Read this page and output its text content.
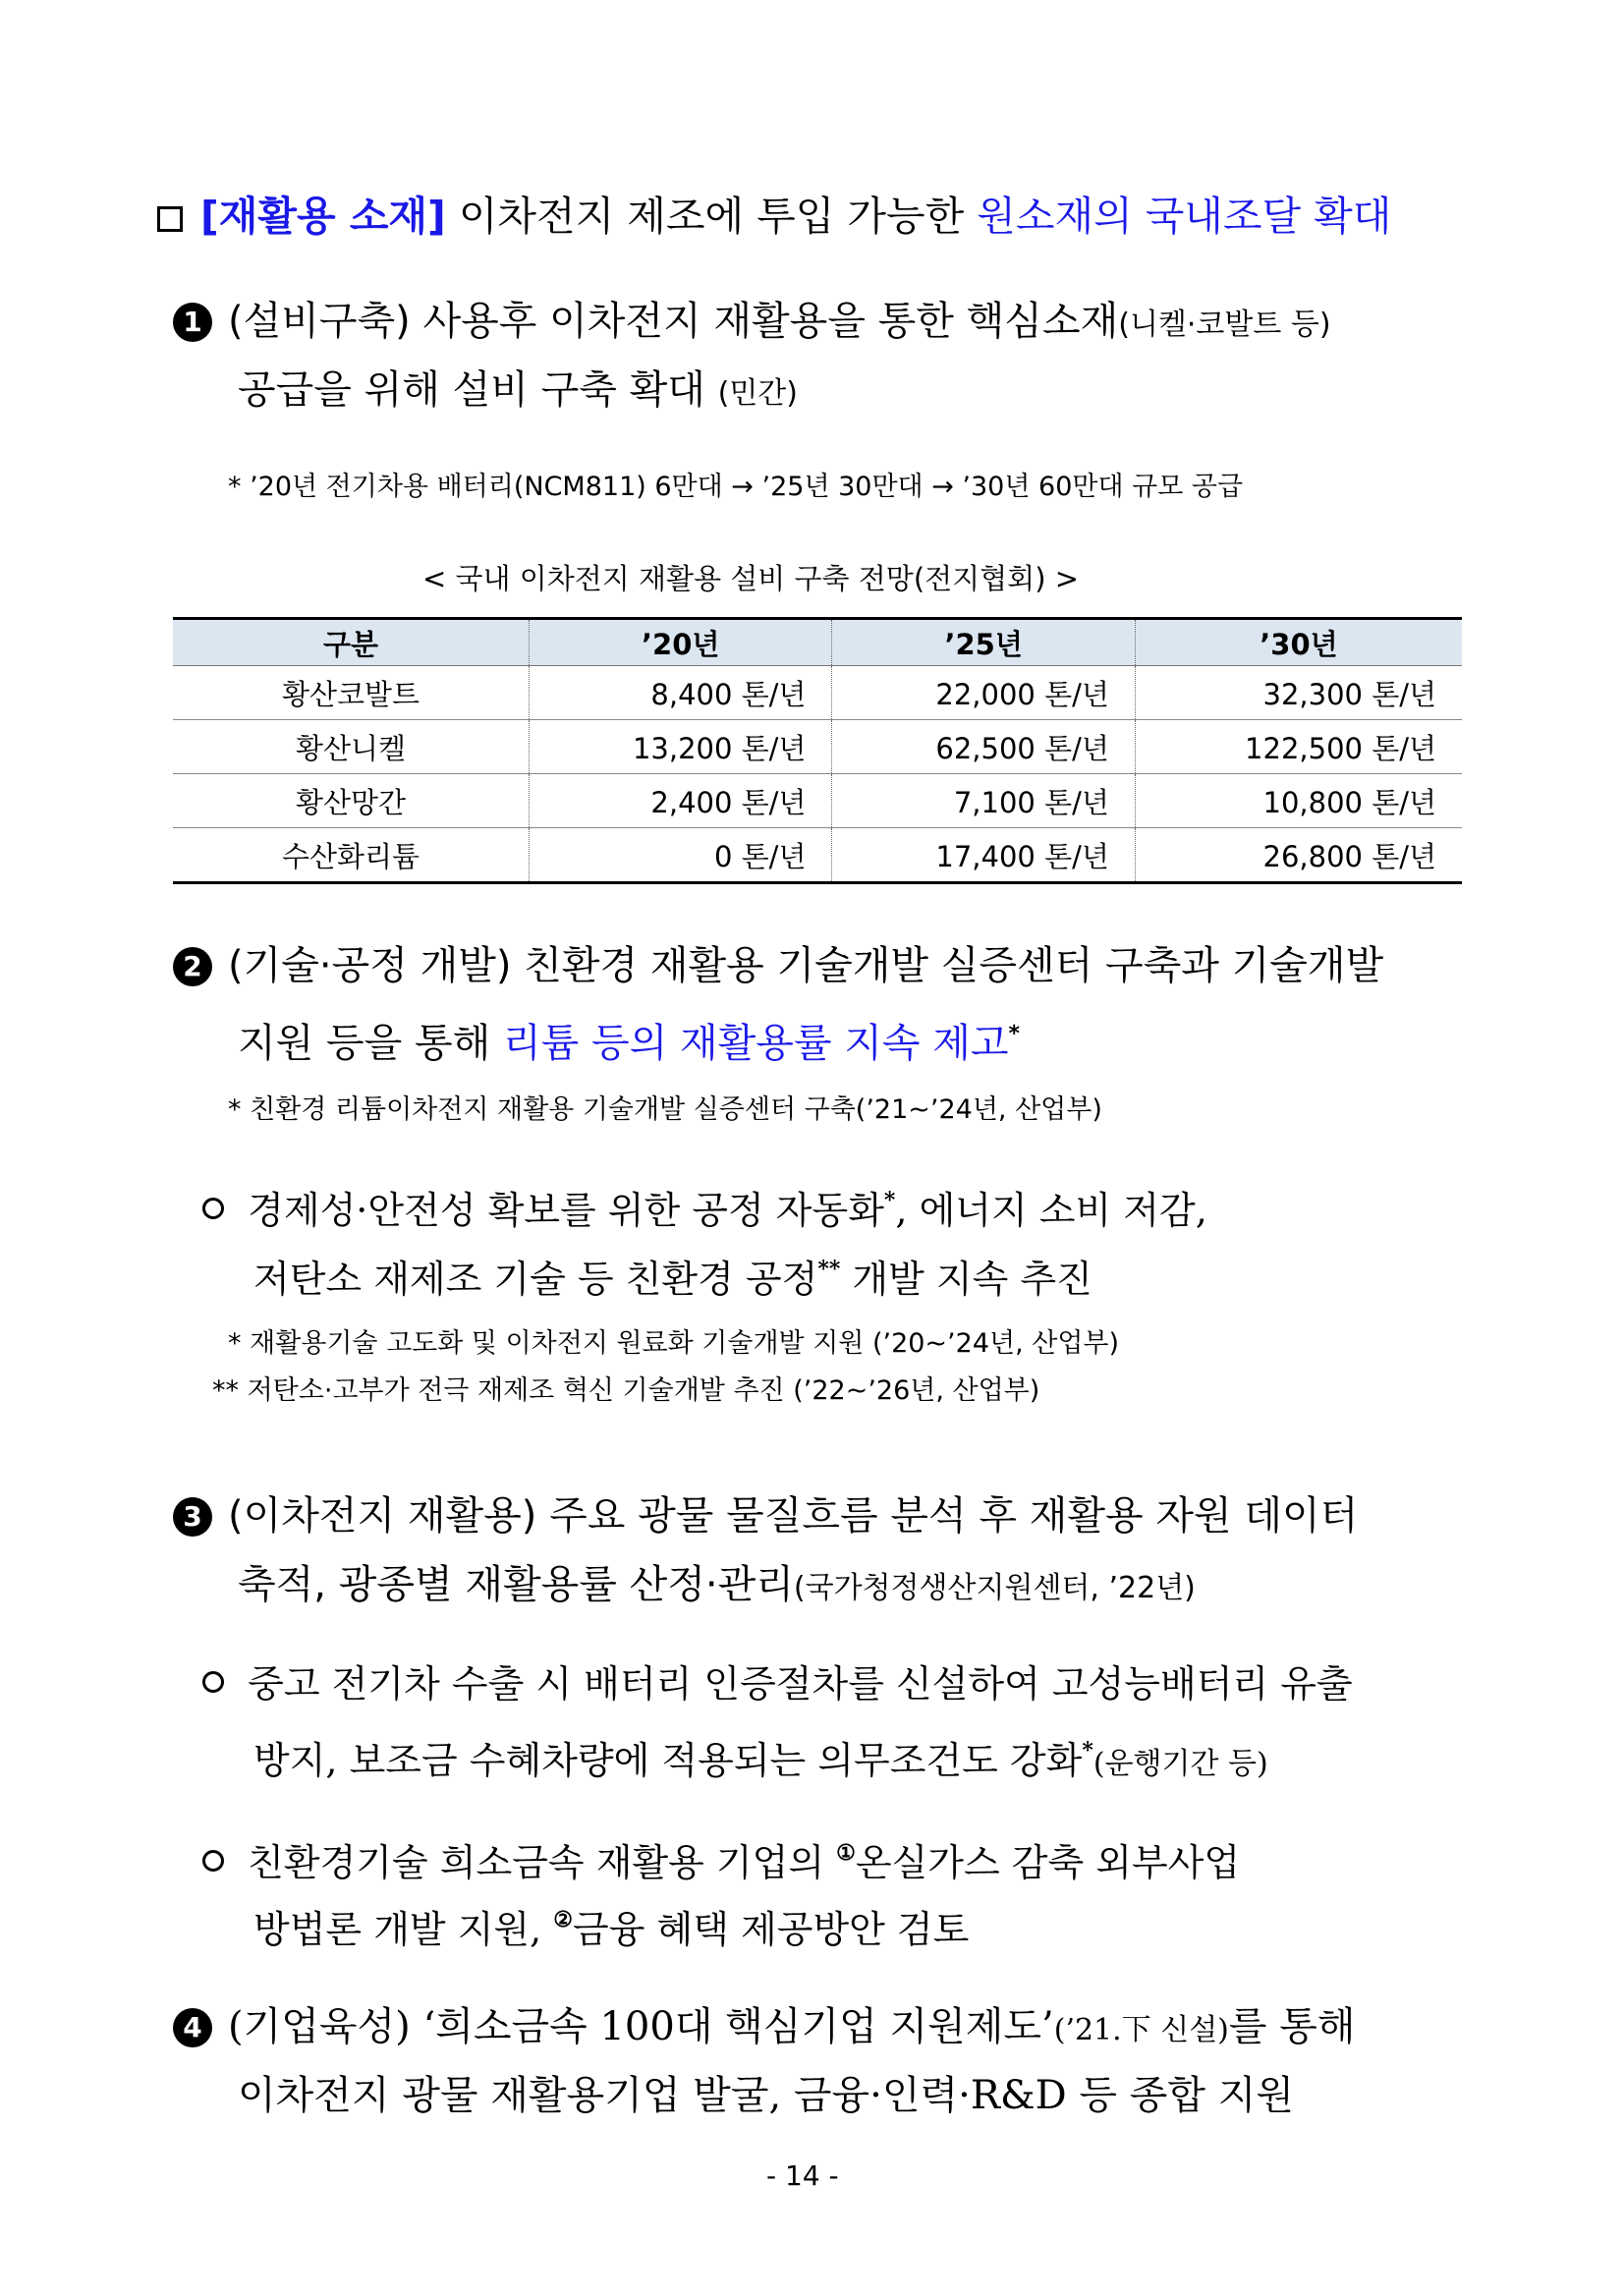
[재활용 소재] 이차전지 제조에 투입 가능한 원소재의 국내조달 확대
1 (설비구축) 사용후 이차전지 재활용을 통한 핵심소재(니켈·코발트 등)
공급을 위해 설비 구축 확대 (민간)
* ’20년 전기차용 배터리(NCM811) 6만대 → ’25년 30만대 → ’30년 60만대 규모 공급
< 국내 이차전지 재활용 설비 구축 전망(전지협회) >
구분	’20년	’25년	’30년
황산코발트	8,400 톤/년	22,000 톤/년	32,300 톤/년
황산니켈	13,200 톤/년	62,500 톤/년	122,500 톤/년
황산망간	2,400 톤/년	7,100 톤/년	10,800 톤/년
수산화리튬	0 톤/년	17,400 톤/년	26,800 톤/년
2 (기술·공정 개발) 친환경 재활용 기술개발 실증센터 구축과 기술개발
지원 등을 통해 리튬 등의 재활용률 지속 제고*
* 친환경 리튬이차전지 재활용 기술개발 실증센터 구축(’21~’24년, 산업부)
경제성·안전성 확보를 위한 공정 자동화*, 에너지 소비 저감,
저탄소 재제조 기술 등 친환경 공정** 개발 지속 추진
* 재활용기술 고도화 및 이차전지 원료화 기술개발 지원 (’20~’24년, 산업부)
** 저탄소·고부가 전극 재제조 혁신 기술개발 추진 (’22~’26년, 산업부)
3 (이차전지 재활용) 주요 광물 물질흐름 분석 후 재활용 자원 데이터
축적, 광종별 재활용률 산정·관리(국가청정생산지원센터, ’22년)
중고 전기차 수출 시 배터리 인증절차를 신설하여 고성능배터리 유출
방지, 보조금 수혜차량에 적용되는 의무조건도 강화*(운행기간 등)
친환경기술 희소금속 재활용 기업의 ①온실가스 감축 외부사업
방법론 개발 지원, ②금융 혜택 제공방안 검토
4 (기업육성) ‘희소금속 100대 핵심기업 지원제도’(’21.下 신설)를 통해
이차전지 광물 재활용기업 발굴, 금융·인력·R&D 등 종합 지원
- 14 -
